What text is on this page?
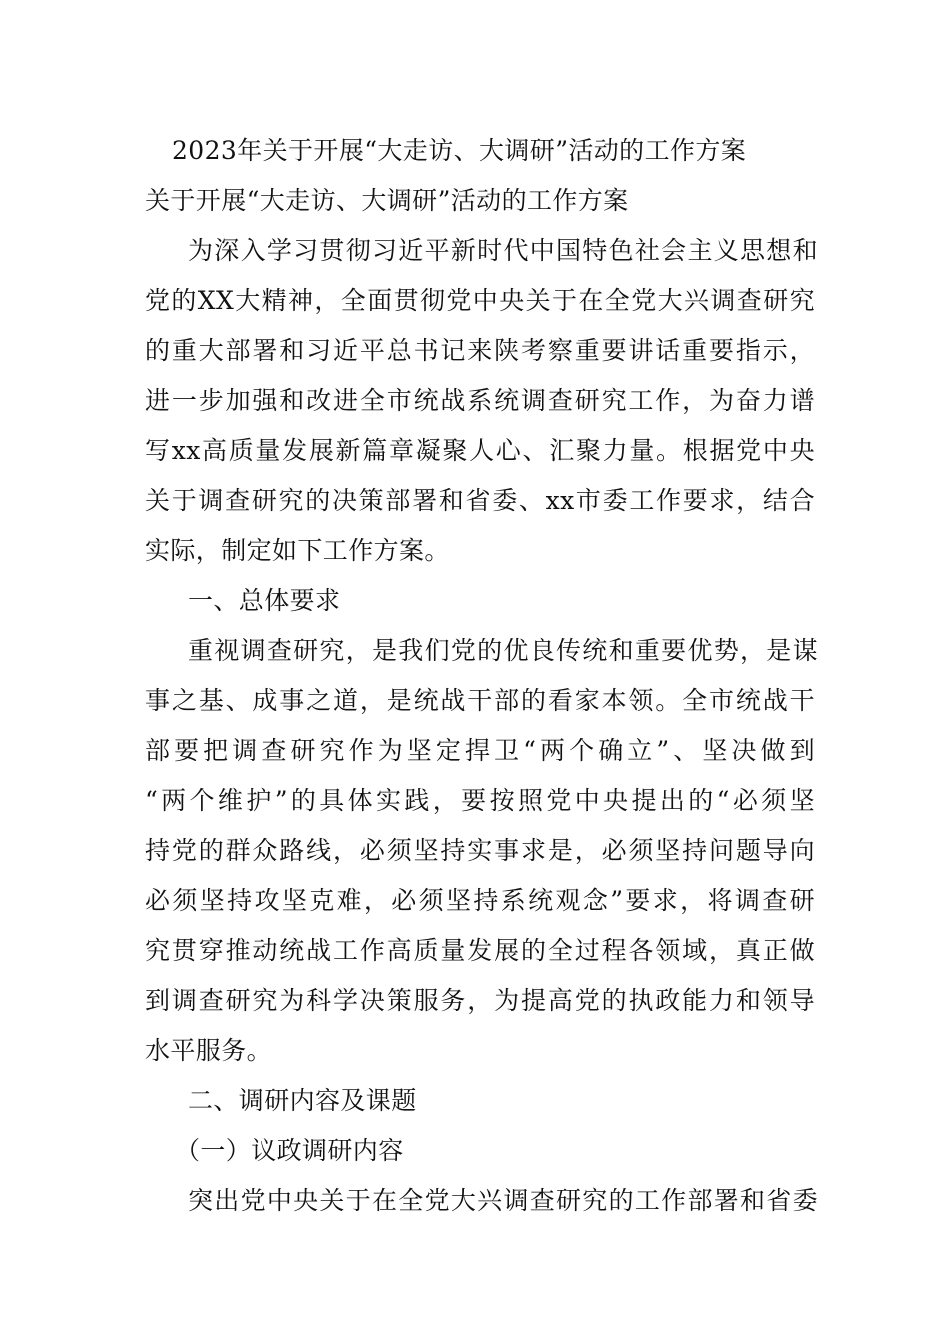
2023年关于开展“大走访、大调研”活动的工作方案
关于开展“大走访、大调研”活动的工作方案
为深入学习贯彻习近平新时代中国特色社会主义思想和
党的XX大精神，全面贯彻党中央关于在全党大兴调查研究
的重大部署和习近平总书记来陕考察重要讲话重要指示，
进一步加强和改进全市统战系统调查研究工作，为奋力谱
写xx高质量发展新篇章凝聚人心、汇聚力量。根据党中央
关于调查研究的决策部署和省委、xx市委工作要求，结合
实际，制定如下工作方案。
一、总体要求
重视调查研究，是我们党的优良传统和重要优势，是谋
事之基、成事之道，是统战干部的看家本领。全市统战干
部要把调查研究作为坚定捍卫“两个确立”、坚决做到
“两个维护”的具体实践，要按照党中央提出的“必须坚
持党的群众路线，必须坚持实事求是，必须坚持问题导向
必须坚持攻坚克难，必须坚持系统观念”要求，将调查研
究贯穿推动统战工作高质量发展的全过程各领域，真正做
到调查研究为科学决策服务，为提高党的执政能力和领导
水平服务。
二、调研内容及课题
（一）议政调研内容
突出党中央关于在全党大兴调查研究的工作部署和省委
